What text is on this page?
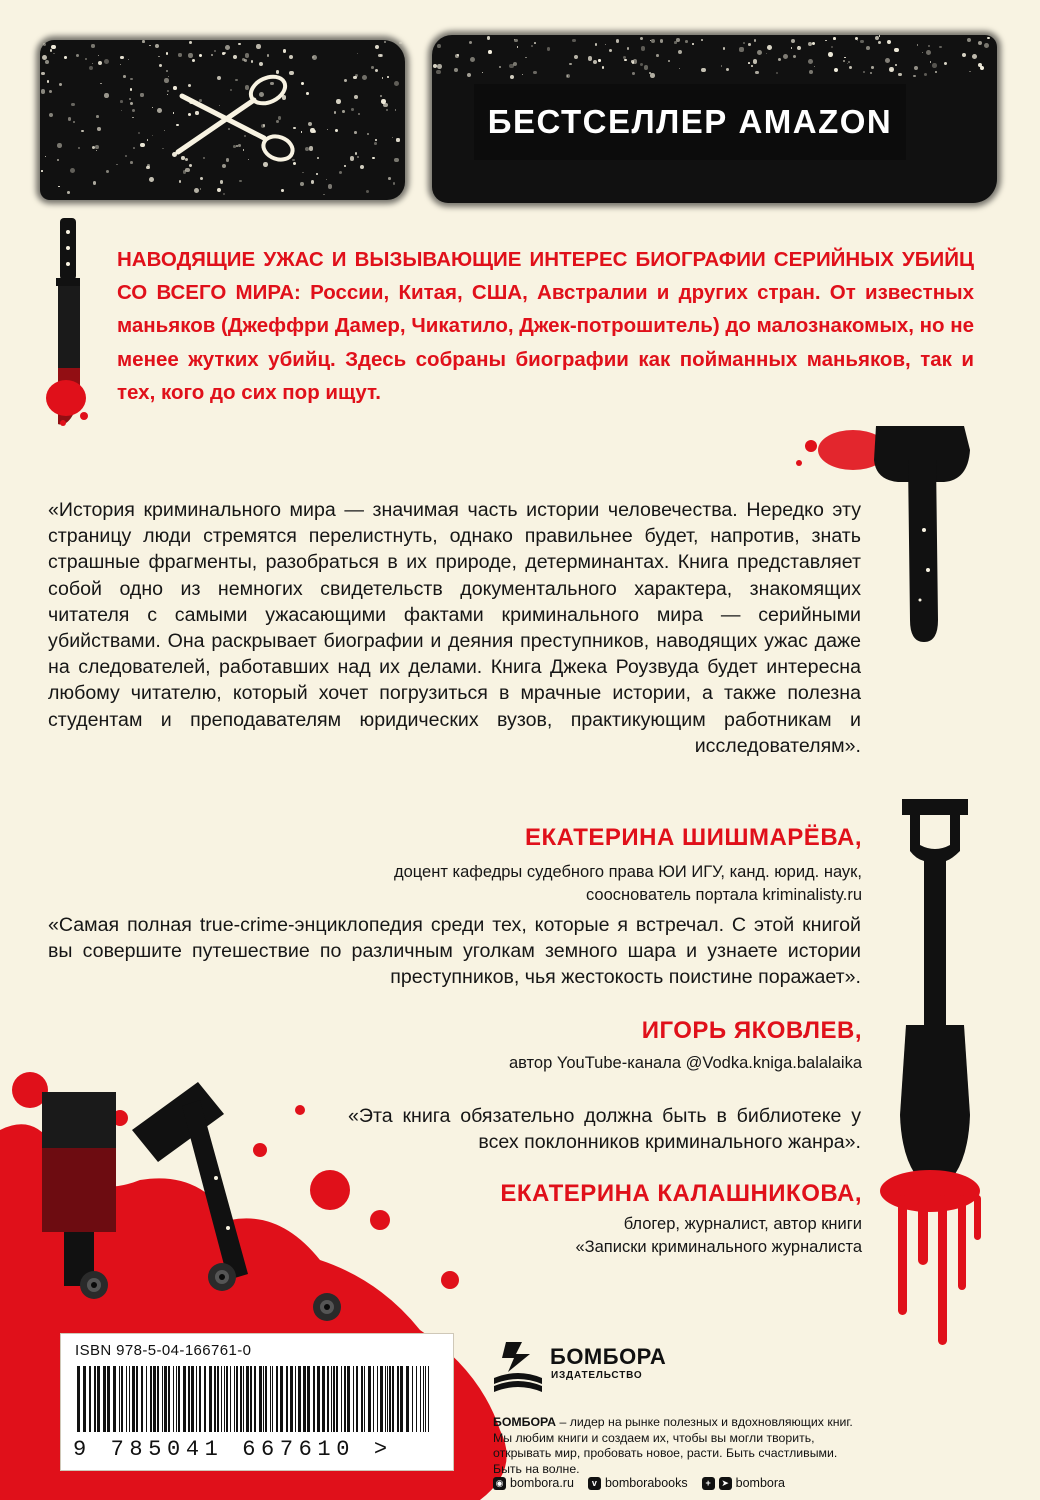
БЕСТСЕЛЛЕР AMAZON

НАВОДЯЩИЕ УЖАС И ВЫЗЫВАЮЩИЕ ИНТЕРЕС БИОГРАФИИ СЕРИЙНЫХ УБИЙЦ СО ВСЕГО МИРА: России, Китая, США, Австралии и других стран. От известных маньяков (Джеффри Дамер, Чикатило, Джек-потрошитель) до малознакомых, но не менее жутких убийц. Здесь собраны биографии как пойманных маньяков, так и тех, кого до сих пор ищут.

«История криминального мира — значимая часть истории человечества. Нередко эту страницу люди стремятся перелистнуть, однако правильнее будет, напротив, знать страшные фрагменты, разобраться в их природе, детерминантах. Книга представляет собой одно из немногих свидетельств документального характера, знакомящих читателя с самыми ужасающими фактами криминального мира — серийными убийствами. Она раскрывает биографии и деяния преступников, наводящих ужас даже на следователей, работавших над их делами. Книга Джека Роузвуда будет интересна любому читателю, который хочет погрузиться в мрачные истории, а также полезна студентам и преподавателям юридических вузов, практикующим работникам и исследователям».

ЕКАТЕРИНА ШИШМАРЁВА,
доцент кафедры судебного права ЮИ ИГУ, канд. юрид. наук,
сооснователь портала kriminalisty.ru

«Самая полная true-crime-энциклопедия среди тех, которые я встречал. С этой книгой вы совершите путешествие по различным уголкам земного шара и узнаете истории преступников, чья жестокость поистине поражает».

ИГОРЬ ЯКОВЛЕВ,
автор YouTube-канала @Vodka.kniga.balalaika

«Эта книга обязательно должна быть в библиотеке у всех поклонников криминального жанра».

ЕКАТЕРИНА КАЛАШНИКОВА,
блогер, журналист, автор книги
«Записки криминального журналиста
ISBN 978-5-04-166761-0
9 785041 667610 >
БОМБОРА
ИЗДАТЕЛЬСТВО
БОМБОРА – лидер на рынке полезных и вдохновляющих книг. Мы любим книги и создаем их, чтобы вы могли творить, открывать мир, пробовать новое, расти. Быть счастливыми. Быть на волне.
◉ bombora.ru	v bomborabooks	+	➤ bombora
